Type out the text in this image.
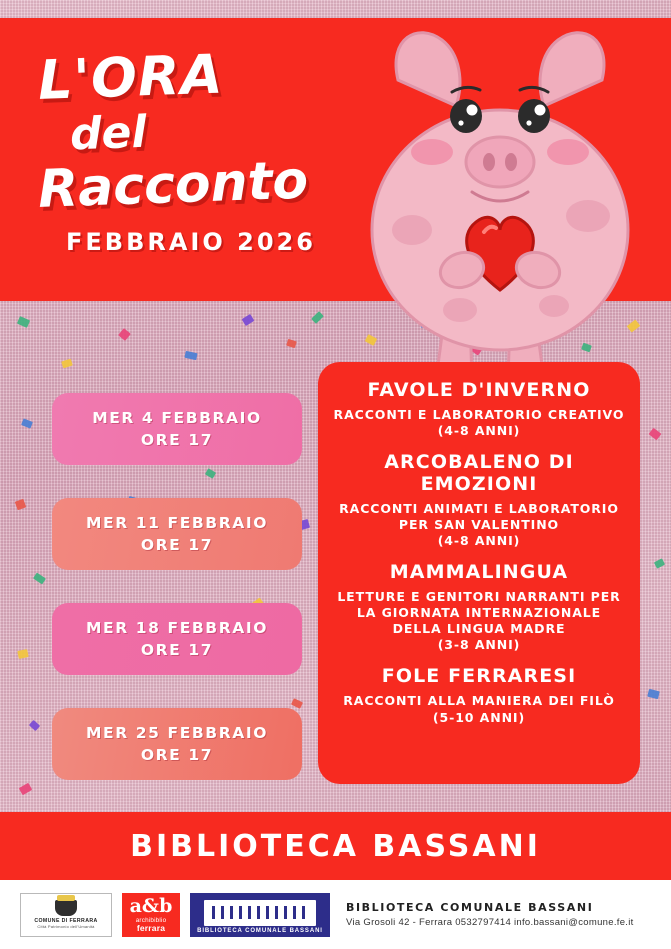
L'ORA
del
Racconto
FEBBRAIO 2026
MER 4 FEBBRAIO
ORE 17
MER 11 FEBBRAIO
ORE 17
MER 18 FEBBRAIO
ORE 17
MER 25 FEBBRAIO
ORE 17
FAVOLE D'INVERNO
RACCONTI E LABORATORIO CREATIVO
(4-8 ANNI)
ARCOBALENO DI EMOZIONI
RACCONTI ANIMATI E LABORATORIO PER SAN VALENTINO
(4-8 ANNI)
MAMMALINGUA
LETTURE E GENITORI NARRANTI PER LA GIORNATA INTERNAZIONALE DELLA LINGUA MADRE
(3-8 ANNI)
FOLE FERRARESI
RACCONTI ALLA MANIERA DEI FILÒ
(5-10 ANNI)
BIBLIOTECA BASSANI
COMUNE DI FERRARA
Città Patrimonio dell'Umanità
a&b
archibiblio
ferrara	BIBLIOTECA COMUNALE BASSANI
BIBLIOTECA COMUNALE BASSANI
Via Grosoli 42 - Ferrara 0532797414 info.bassani@comune.fe.it
